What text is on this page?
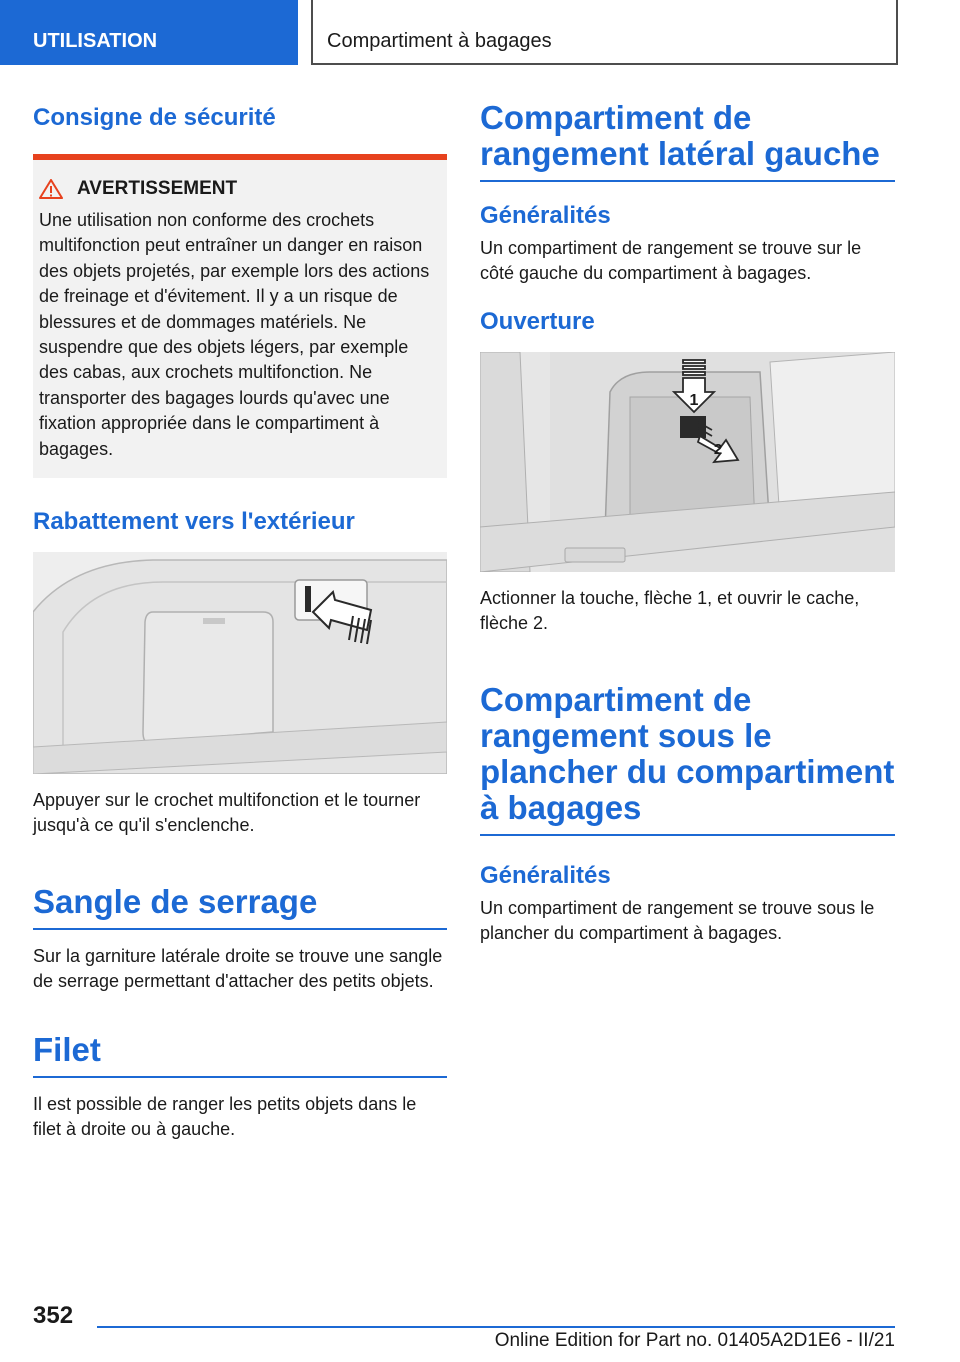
UTILISATION	Compartiment à bagages
Consigne de sécurité
AVERTISSEMENT
Une utilisation non conforme des crochets multifonction peut entraîner un danger en raison des objets projetés, par exemple lors des actions de freinage et d'évitement. Il y a un risque de blessures et de dommages matériels. Ne suspendre que des objets légers, par exemple des cabas, aux crochets multifonction. Ne transporter des bagages lourds qu'avec une fixation appropriée dans le compartiment à bagages.
Rabattement vers l'extérieur

Appuyer sur le crochet multifonction et le tourner jusqu'à ce qu'il s'enclenche.

Sangle de serrage

Sur la garniture latérale droite se trouve une sangle de serrage permettant d'attacher des petits objets.

Filet

Il est possible de ranger les petits objets dans le filet à droite ou à gauche.

Compartiment de rangement latéral gauche
Généralités

Un compartiment de rangement se trouve sur le côté gauche du compartiment à bagages.

Ouverture
1
2

Actionner la touche, flèche 1, et ouvrir le cache, flèche 2.

Compartiment de rangement sous le plancher du compartiment à bagages
Généralités

Un compartiment de rangement se trouve sous le plancher du compartiment à bagages.

352
Online Edition for Part no. 01405A2D1E6 - II/21
